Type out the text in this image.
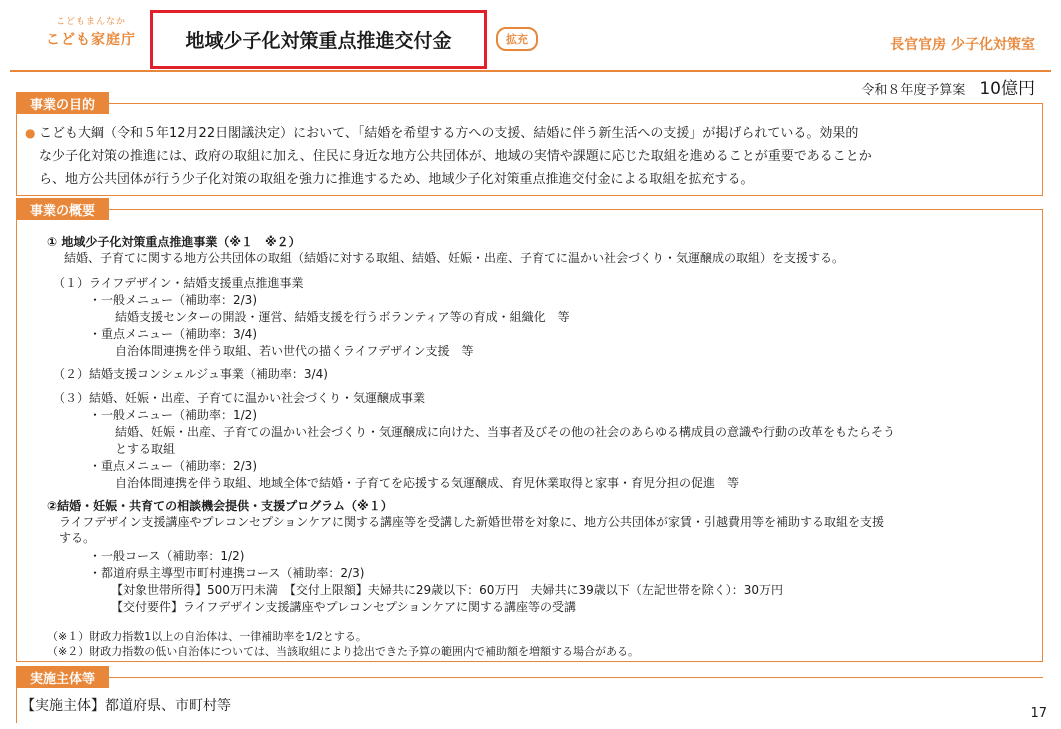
こどもまんなか
こども家庭庁	地域少子化対策重点推進交付金	拡充	長官官房 少子化対策室
令和８年度予算案 10億円
事業の目的
● こども大綱（令和５年12月22日閣議決定）において、「結婚を希望する方への支援、結婚に伴う新生活への支援」が掲げられている。効果的
な少子化対策の推進には、政府の取組に加え、住民に身近な地方公共団体が、地域の実情や課題に応じた取組を進めることが重要であることか
ら、地方公共団体が行う少子化対策の取組を強力に推進するため、地域少子化対策重点推進交付金による取組を拡充する。
事業の概要
① 地域少子化対策重点推進事業（※１　※２）
結婚、子育てに関する地方公共団体の取組（結婚に対する取組、結婚、妊娠・出産、子育てに温かい社会づくり・気運醸成の取組）を支援する。
（１）ライフデザイン・結婚支援重点推進事業
・一般メニュー（補助率：2/3)
結婚支援センターの開設・運営、結婚支援を行うボランティア等の育成・組織化　等
・重点メニュー（補助率：3/4)
自治体間連携を伴う取組、若い世代の描くライフデザイン支援　等
（２）結婚支援コンシェルジュ事業（補助率：3/4)
（３）結婚、妊娠・出産、子育てに温かい社会づくり・気運醸成事業
・一般メニュー（補助率：1/2)
結婚、妊娠・出産、子育ての温かい社会づくり・気運醸成に向けた、当事者及びその他の社会のあらゆる構成員の意識や行動の改革をもたらそう
とする取組
・重点メニュー（補助率：2/3)
自治体間連携を伴う取組、地域全体で結婚・子育てを応援する気運醸成、育児休業取得と家事・育児分担の促進　等
②結婚・妊娠・共育ての相談機会提供・支援プログラム（※１）
ライフデザイン支援講座やプレコンセプションケアに関する講座等を受講した新婚世帯を対象に、地方公共団体が家賃・引越費用等を補助する取組を支援
する。
・一般コース（補助率：1/2)
・都道府県主導型市町村連携コース（補助率：2/3)
【対象世帯所得】500万円未満　【交付上限額】夫婦共に29歳以下：60万円　夫婦共に39歳以下（左記世帯を除く）：30万円
【交付要件】ライフデザイン支援講座やプレコンセプションケアに関する講座等の受講
（※１）財政力指数1以上の自治体は、一律補助率を1/2とする。
（※２）財政力指数の低い自治体については、当該取組により捻出できた予算の範囲内で補助額を増額する場合がある。
実施主体等
【実施主体】都道府県、市町村等	17
